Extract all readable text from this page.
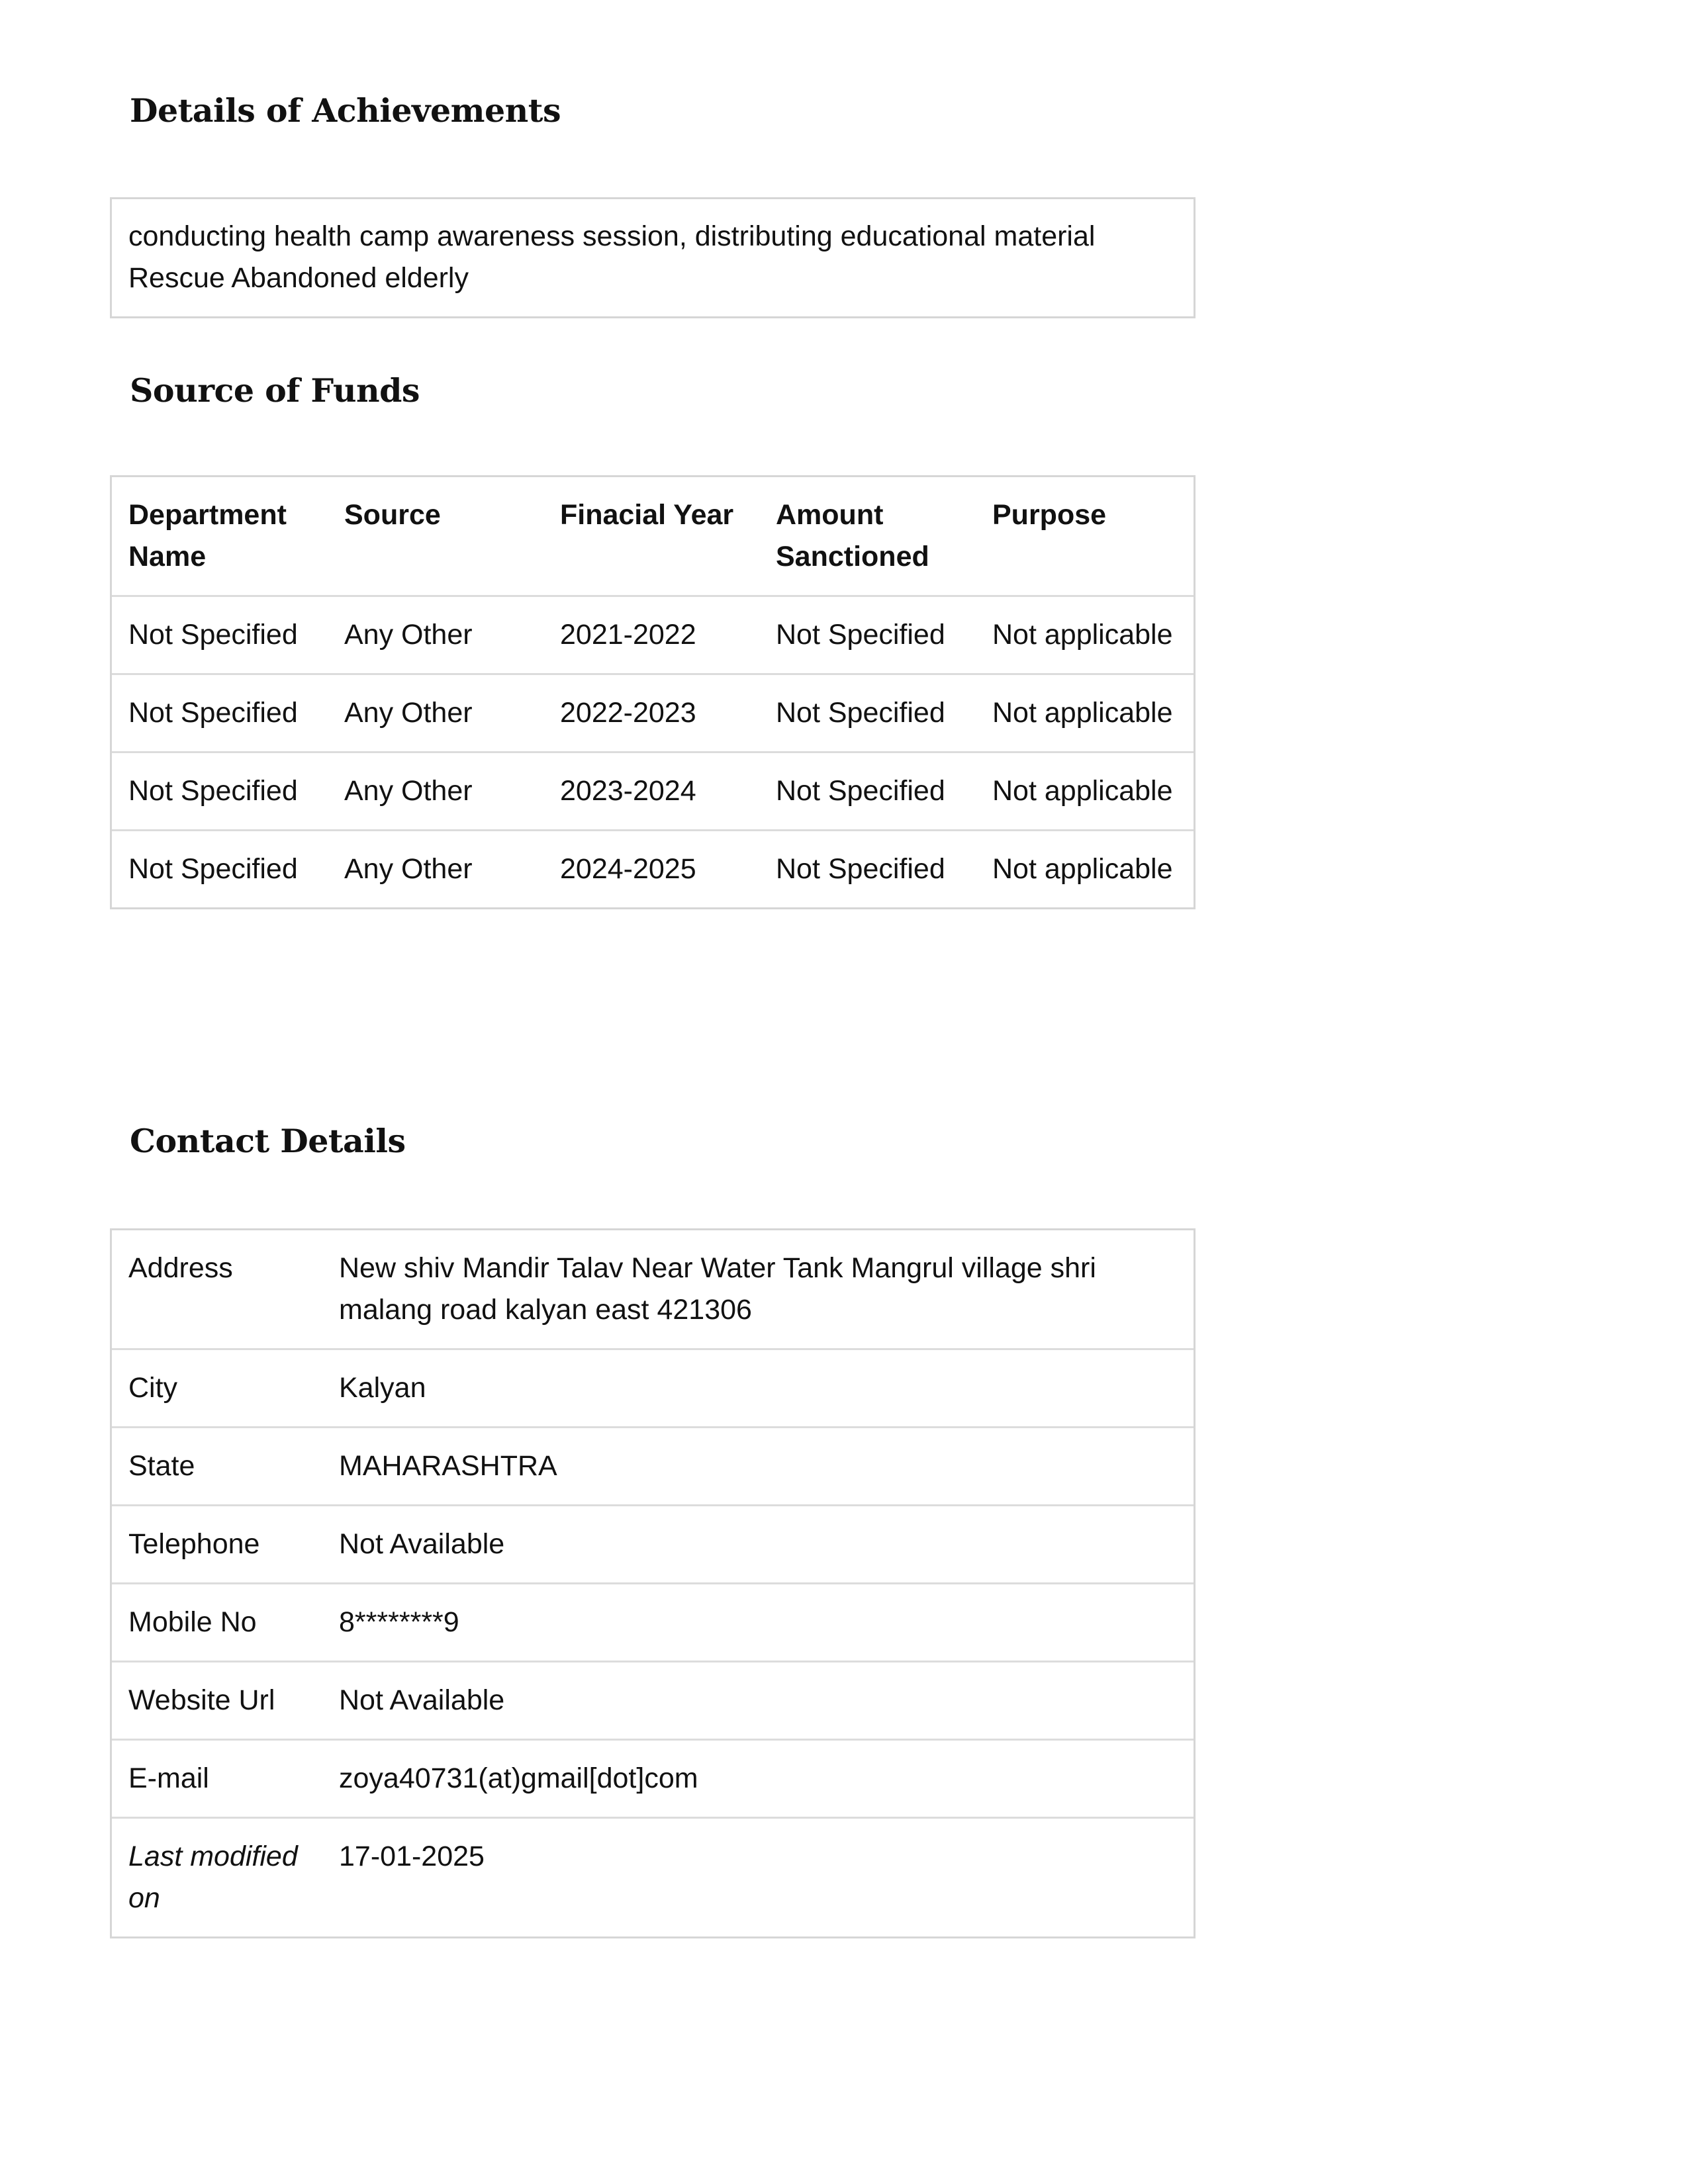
Details of Achievements
conducting health camp awareness session, distributing educational material
Rescue Abandoned elderly
Source of Funds
Department Name	Source	Finacial Year	Amount Sanctioned	Purpose
Not Specified	Any Other	2021-2022	Not Specified	Not applicable
Not Specified	Any Other	2022-2023	Not Specified	Not applicable
Not Specified	Any Other	2023-2024	Not Specified	Not applicable
Not Specified	Any Other	2024-2025	Not Specified	Not applicable
Contact Details
Address	New shiv Mandir Talav Near Water Tank Mangrul village shri malang road kalyan east 421306
City	Kalyan
State	MAHARASHTRA
Telephone	Not Available
Mobile No	8********9
Website Url	Not Available
E-mail	zoya40731(at)gmail[dot]com
Last modified on	17-01-2025
